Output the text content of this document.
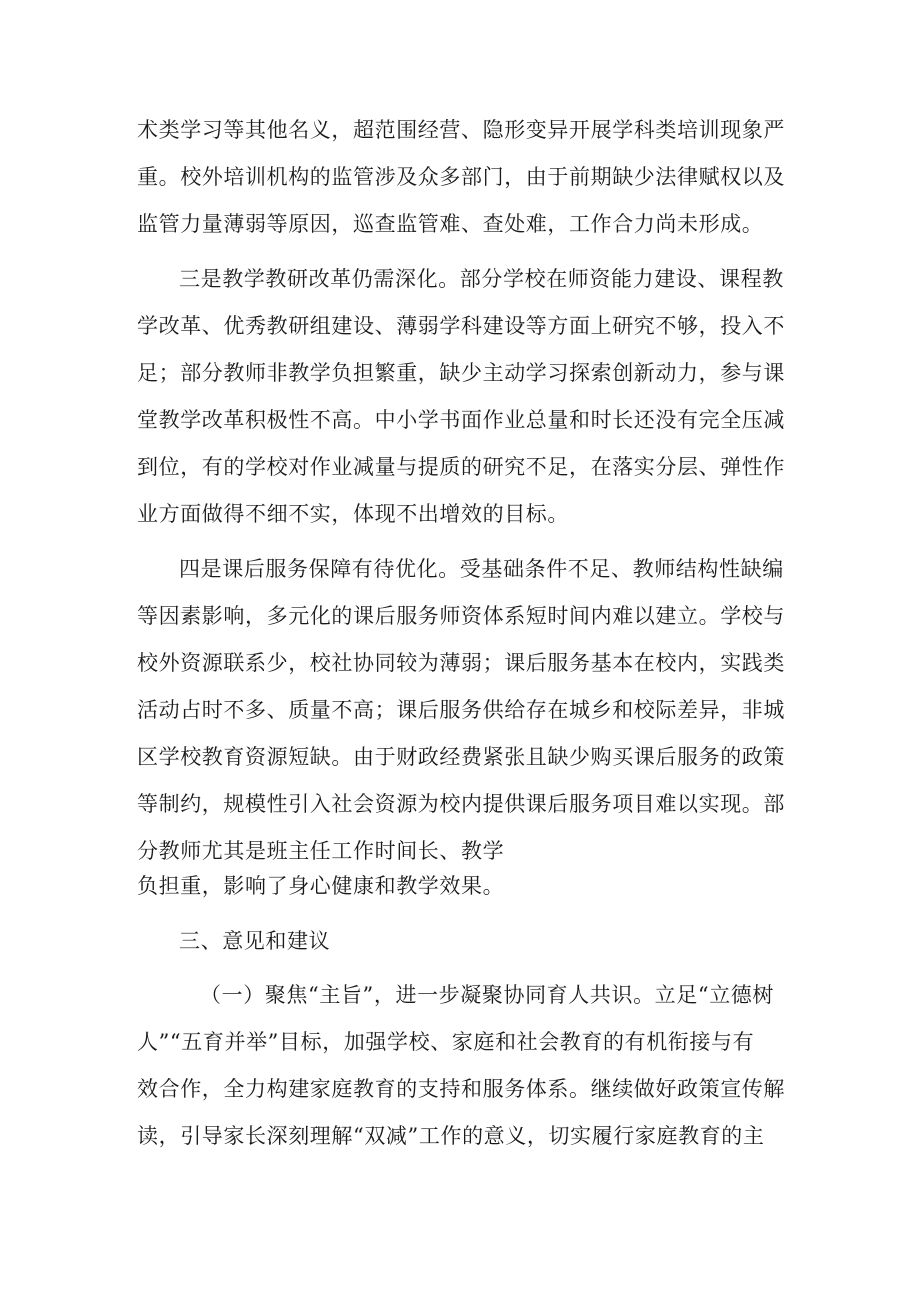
术类学习等其他名义，超范围经营、隐形变异开展学科类培训现象严
重。校外培训机构的监管涉及众多部门，由于前期缺少法律赋权以及
监管力量薄弱等原因，巡查监管难、查处难，工作合力尚未形成。
三是教学教研改革仍需深化。部分学校在师资能力建设、课程教
学改革、优秀教研组建设、薄弱学科建设等方面上研究不够，投入不
足；部分教师非教学负担繁重，缺少主动学习探索创新动力，参与课
堂教学改革积极性不高。中小学书面作业总量和时长还没有完全压减
到位，有的学校对作业减量与提质的研究不足，在落实分层、弹性作
业方面做得不细不实，体现不出增效的目标。
四是课后服务保障有待优化。受基础条件不足、教师结构性缺编
等因素影响，多元化的课后服务师资体系短时间内难以建立。学校与
校外资源联系少，校社协同较为薄弱；课后服务基本在校内，实践类
活动占时不多、质量不高；课后服务供给存在城乡和校际差异，非城
区学校教育资源短缺。由于财政经费紧张且缺少购买课后服务的政策
等制约，规模性引入社会资源为校内提供课后服务项目难以实现。部
分教师尤其是班主任工作时间长、教学
负担重，影响了身心健康和教学效果。
三、意见和建议
（一）聚焦“主旨”，进一步凝聚协同育人共识。立足“立德树
人”“五育并举”目标，加强学校、家庭和社会教育的有机衔接与有
效合作，全力构建家庭教育的支持和服务体系。继续做好政策宣传解
读，引导家长深刻理解“双减”工作的意义，切实履行家庭教育的主
